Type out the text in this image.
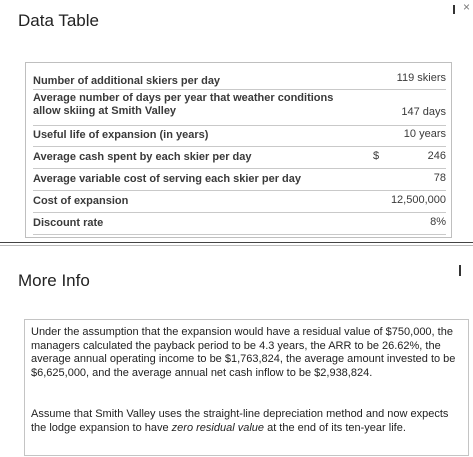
Data Table
×
Number of additional skiers per day	119 skiers
Average number of days per year that weather conditions allow skiing at Smith Valley	147 days
Useful life of expansion (in years)	10 years
Average cash spent by each skier per day	$	246
Average variable cost of serving each skier per day	78
Cost of expansion	12,500,000
Discount rate	8%
More Info

Under the assumption that the expansion would have a residual value of $750,000, the managers calculated the payback period to be 4.3 years, the ARR to be 26.62%, the average annual operating income to be $1,763,824, the average amount invested to be $6,625,000, and the average annual net cash inflow to be $2,938,824.

Assume that Smith Valley uses the straight-line depreciation method and now expects the lodge expansion to have zero residual value at the end of its ten-year life.
